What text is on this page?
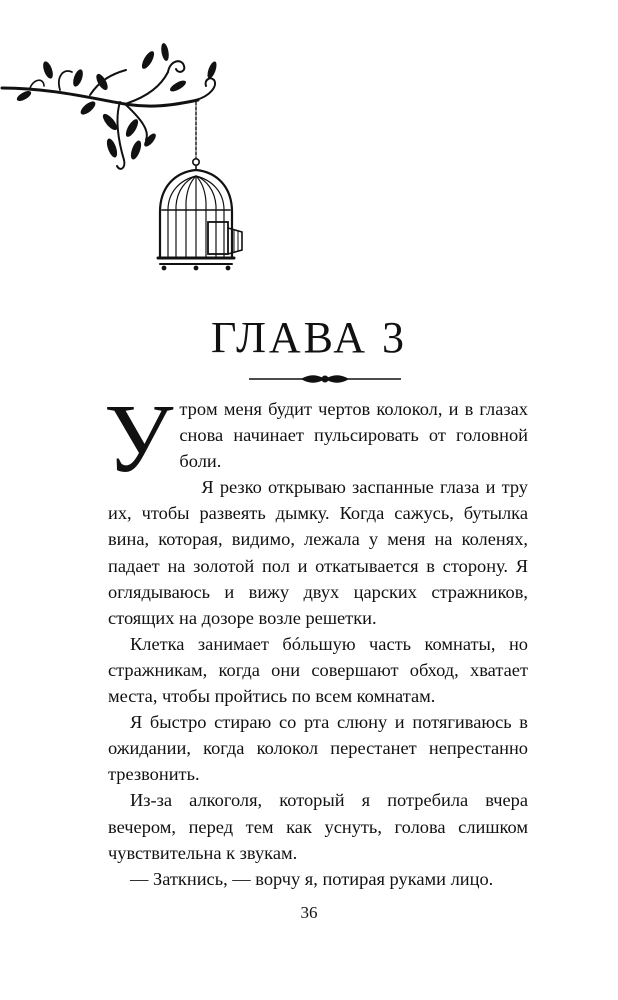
ГЛАВА 3

Утрoм меня будит чертов колокол, и в глазах снова начинает пульсировать от головной боли.

Я резко открываю заспанные глаза и тру их, чтобы развеять дымку. Когда сажусь, бутылка вина, которая, видимо, лежала у меня на коленях, падает на золотой пол и откатывается в сторону. Я оглядываюсь и вижу двух царских стражников, стоящих на дозоре возле решетки.

Клетка занимает бóльшую часть комнаты, но стражникам, когда они совершают обход, хватает места, чтобы пройтись по всем комнатам.

Я быстро стираю со рта слюну и потягиваюсь в ожидании, когда колокол перестанет непрестанно трезвонить.

Из-за алкоголя, который я потребила вчера вечером, перед тем как уснуть, голова слишком чувствительна к звукам.

— Заткнись, — ворчу я, потирая руками лицо.

36
